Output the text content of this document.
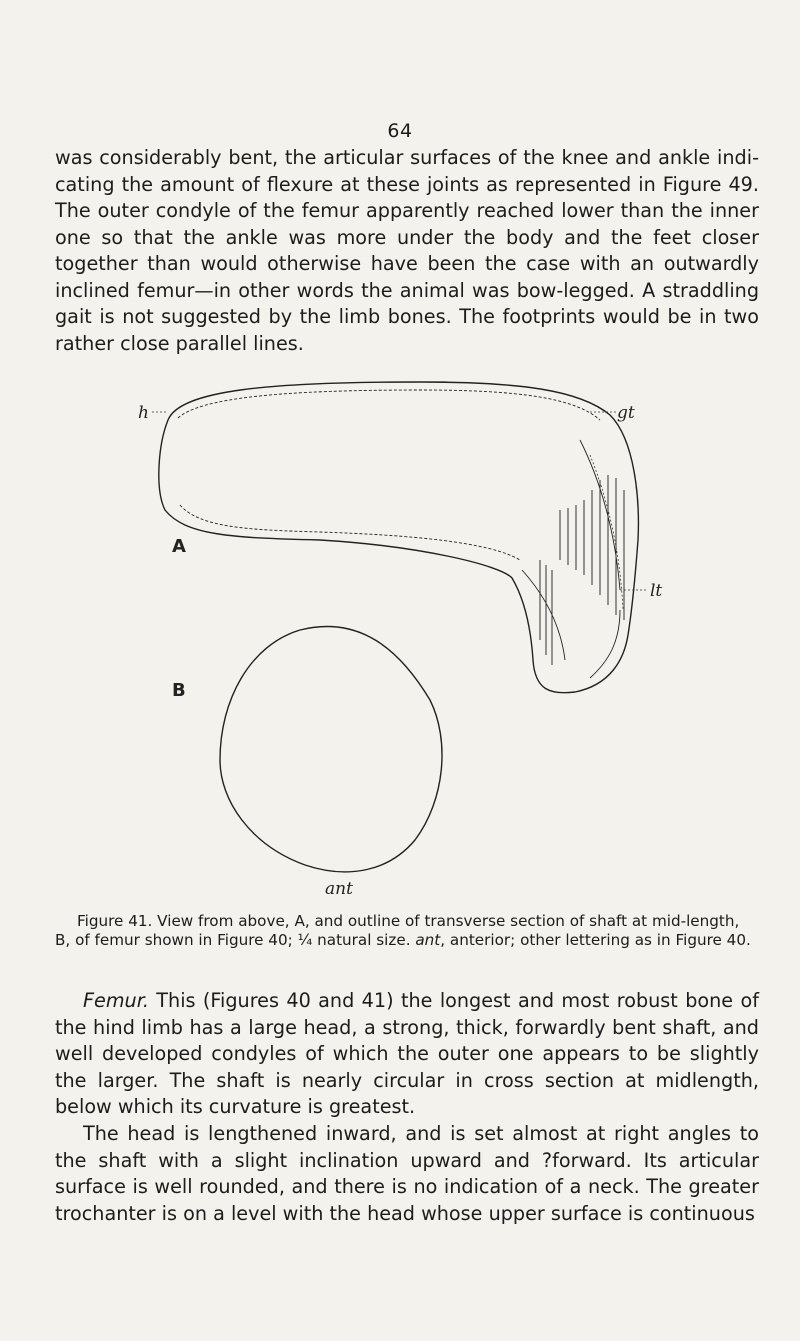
64

was considerably bent, the articular surfaces of the knee and ankle indicating the amount of flexure at these joints as represented in Figure 49. The outer condyle of the femur apparently reached lower than the inner one so that the ankle was more under the body and the feet closer together than would otherwise have been the case with an outwardly inclined femur—in other words the animal was bow-legged. A straddling gait is not suggested by the limb bones. The footprints would be in two rather close parallel lines.

h	gt
lt
A
B
ant

Figure 41. View from above, A, and outline of transverse section of shaft at mid-length, B, of femur shown in Figure 40; ¼ natural size. ant, anterior; other lettering as in Figure 40.

Femur. This (Figures 40 and 41) the longest and most robust bone of the hind limb has a large head, a strong, thick, forwardly bent shaft, and well developed condyles of which the outer one appears to be slightly the larger. The shaft is nearly circular in cross section at midlength, below which its curvature is greatest.

The head is lengthened inward, and is set almost at right angles to the shaft with a slight inclination upward and ?forward. Its articular surface is well rounded, and there is no indication of a neck. The greater trochanter is on a level with the head whose upper surface is continuous
